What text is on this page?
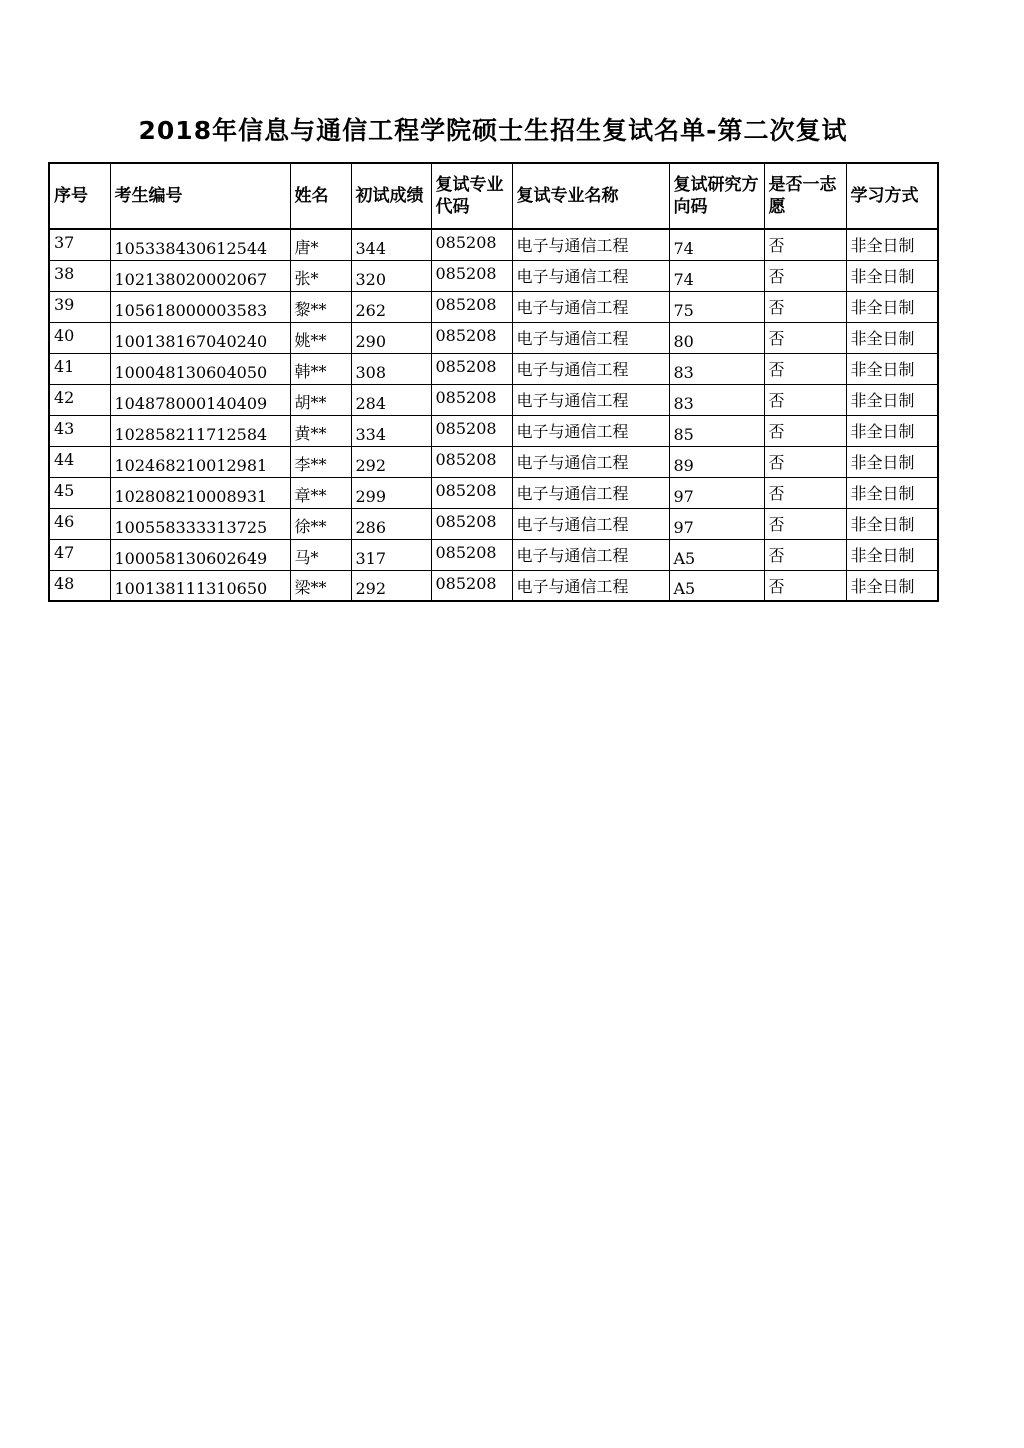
2018年信息与通信工程学院硕士生招生复试名单-第二次复试
序号	考生编号	姓名	初试成绩	复试专业代码	复试专业名称	复试研究方向码	是否一志愿	学习方式
37	105338430612544	唐*	344	085208	电子与通信工程	74	否	非全日制
38	102138020002067	张*	320	085208	电子与通信工程	74	否	非全日制
39	105618000003583	黎**	262	085208	电子与通信工程	75	否	非全日制
40	100138167040240	姚**	290	085208	电子与通信工程	80	否	非全日制
41	100048130604050	韩**	308	085208	电子与通信工程	83	否	非全日制
42	104878000140409	胡**	284	085208	电子与通信工程	83	否	非全日制
43	102858211712584	黄**	334	085208	电子与通信工程	85	否	非全日制
44	102468210012981	李**	292	085208	电子与通信工程	89	否	非全日制
45	102808210008931	章**	299	085208	电子与通信工程	97	否	非全日制
46	100558333313725	徐**	286	085208	电子与通信工程	97	否	非全日制
47	100058130602649	马*	317	085208	电子与通信工程	A5	否	非全日制
48	100138111310650	梁**	292	085208	电子与通信工程	A5	否	非全日制
